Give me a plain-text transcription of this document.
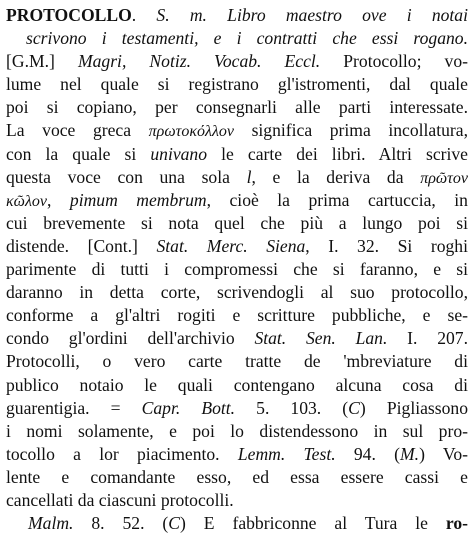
PROTOCOLLO. S. m. Libro maestro ove i notai
scrivono i testamenti, e i contratti che essi rogano.
[G.M.] Magri, Notiz. Vocab. Eccl. Protocollo; vo-
lume nel quale si registrano gl'istromenti, dal quale
poi si copiano, per consegnarli alle parti interessate.
La voce greca πρωτοκόλλον significa prima incollatura,
con la quale si univano le carte dei libri. Altri scrive
questa voce con una sola l, e la deriva da πρῶτον
κῶλον, pimum membrum, cioè la prima cartuccia, in
cui brevemente si nota quel che più a lungo poi si
distende. [Cont.] Stat. Merc. Siena, I. 32. Si roghi
parimente di tutti i compromessi che si faranno, e si
daranno in detta corte, scrivendogli al suo protocollo,
conforme a gl'altri rogiti e scritture pubbliche, e se-
condo gl'ordini dell'archivio Stat. Sen. Lan. I. 207.
Protocolli, o vero carte tratte de 'mbreviature di
publico notaio le quali contengano alcuna cosa di
guarentigia. = Capr. Bott. 5. 103. (C) Pigliassono
i nomi solamente, e poi lo distendessono in sul pro-
tocollo a lor piacimento. Lemm. Test. 94. (M.) Vo-
lente e comandante esso, ed essa essere cassi e
cancellati da ciascuni protocolli.
Malm. 8. 52. (C) E fabbriconne al Tura le ro-
